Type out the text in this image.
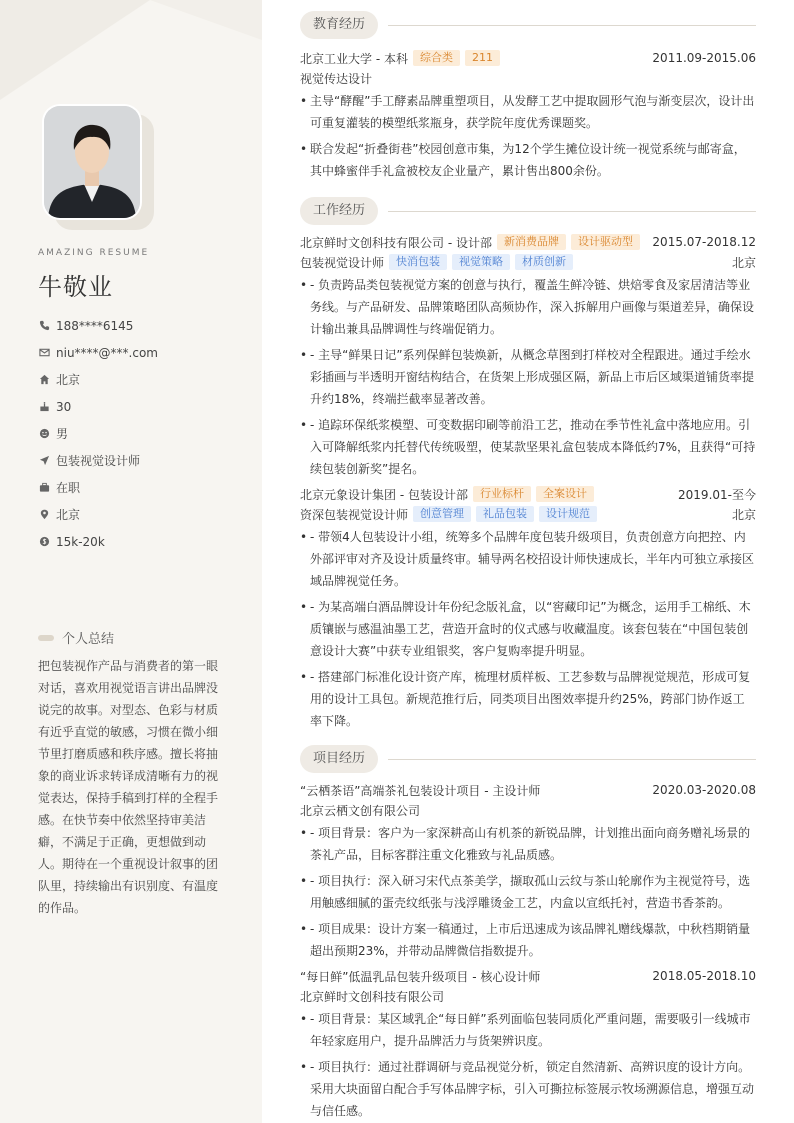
AMAZING RESUME
牛敬业
188****6145
niu****@***.com
北京
30
男
包装视觉设计师
在职
北京
15k-20k
个人总结
把包装视作产品与消费者的第一眼对话，喜欢用视觉语言讲出品牌没说完的故事。对型态、色彩与材质有近乎直觉的敏感，习惯在微小细节里打磨质感和秩序感。擅长将抽象的商业诉求转译成清晰有力的视觉表达，保持手稿到打样的全程手感。在快节奏中依然坚持审美洁癖，不满足于正确，更想做到动人。期待在一个重视设计叙事的团队里，持续输出有识别度、有温度的作品。
教育经历
北京工业大学 - 本科	综合类	211	2011.09-2015.06
视觉传达设计
• 主导“酵醒”手工酵素品牌重塑项目，从发酵工艺中提取圆形气泡与渐变层次，设计出可重复灌装的模塑纸浆瓶身，获学院年度优秀课题奖。
• 联合发起“折叠街巷”校园创意市集，为12个学生摊位设计统一视觉系统与邮寄盒，其中蜂蜜伴手礼盒被校友企业量产，累计售出800余份。
工作经历
北京鲜时文创科技有限公司 - 设计部	新消费品牌	设计驱动型	2015.07-2018.12
包装视觉设计师	快消包装	视觉策略	材质创新	北京
• - 负责跨品类包装视觉方案的创意与执行，覆盖生鲜冷链、烘焙零食及家居清洁等业务线。与产品研发、品牌策略团队高频协作，深入拆解用户画像与渠道差异，确保设计输出兼具品牌调性与终端促销力。
• - 主导“鲜果日记”系列保鲜包装焕新，从概念草图到打样校对全程跟进。通过手绘水彩插画与半透明开窗结构结合，在货架上形成强区隔，新品上市后区域渠道铺货率提升约18%，终端拦截率显著改善。
• - 追踪环保纸浆模塑、可变数据印刷等前沿工艺，推动在季节性礼盒中落地应用。引入可降解纸浆内托替代传统吸塑，使某款坚果礼盒包装成本降低约7%，且获得“可持续包装创新奖”提名。
北京元象设计集团 - 包装设计部	行业标杆	全案设计	2019.01-至今
资深包装视觉设计师	创意管理	礼品包装	设计规范	北京
• - 带领4人包装设计小组，统筹多个品牌年度包装升级项目，负责创意方向把控、内外部评审对齐及设计质量终审。辅导两名校招设计师快速成长，半年内可独立承接区域品牌视觉任务。
• - 为某高端白酒品牌设计年份纪念版礼盒，以“窖藏印记”为概念，运用手工棉纸、木质镶嵌与感温油墨工艺，营造开盒时的仪式感与收藏温度。该套包装在“中国包装创意设计大赛”中获专业组银奖，客户复购率提升明显。
• - 搭建部门标准化设计资产库，梳理材质样板、工艺参数与品牌视觉规范，形成可复用的设计工具包。新规范推行后，同类项目出图效率提升约25%，跨部门协作返工率下降。
项目经历
“云栖茶语”高端茶礼包装设计项目 - 主设计师	2020.03-2020.08
北京云栖文创有限公司
• - 项目背景：客户为一家深耕高山有机茶的新锐品牌，计划推出面向商务赠礼场景的茶礼产品，目标客群注重文化雅致与礼品质感。
• - 项目执行：深入研习宋代点茶美学，撷取孤山云纹与茶山轮廓作为主视觉符号，选用触感细腻的蛋壳纹纸张与浅浮雕烫金工艺，内盒以宣纸托衬，营造书香茶韵。
• - 项目成果：设计方案一稿通过，上市后迅速成为该品牌礼赠线爆款，中秋档期销量超出预期23%，并带动品牌微信指数提升。
“每日鲜”低温乳品包装升级项目 - 核心设计师	2018.05-2018.10
北京鲜时文创科技有限公司
• - 项目背景：某区域乳企“每日鲜”系列面临包装同质化严重问题，需要吸引一线城市年轻家庭用户，提升品牌活力与货架辨识度。
• - 项目执行：通过社群调研与竞品视觉分析，锁定自然清新、高辨识度的设计方向。采用大块面留白配合手写体品牌字标，引入可撕拉标签展示牧场溯源信息，增强互动与信任感。
